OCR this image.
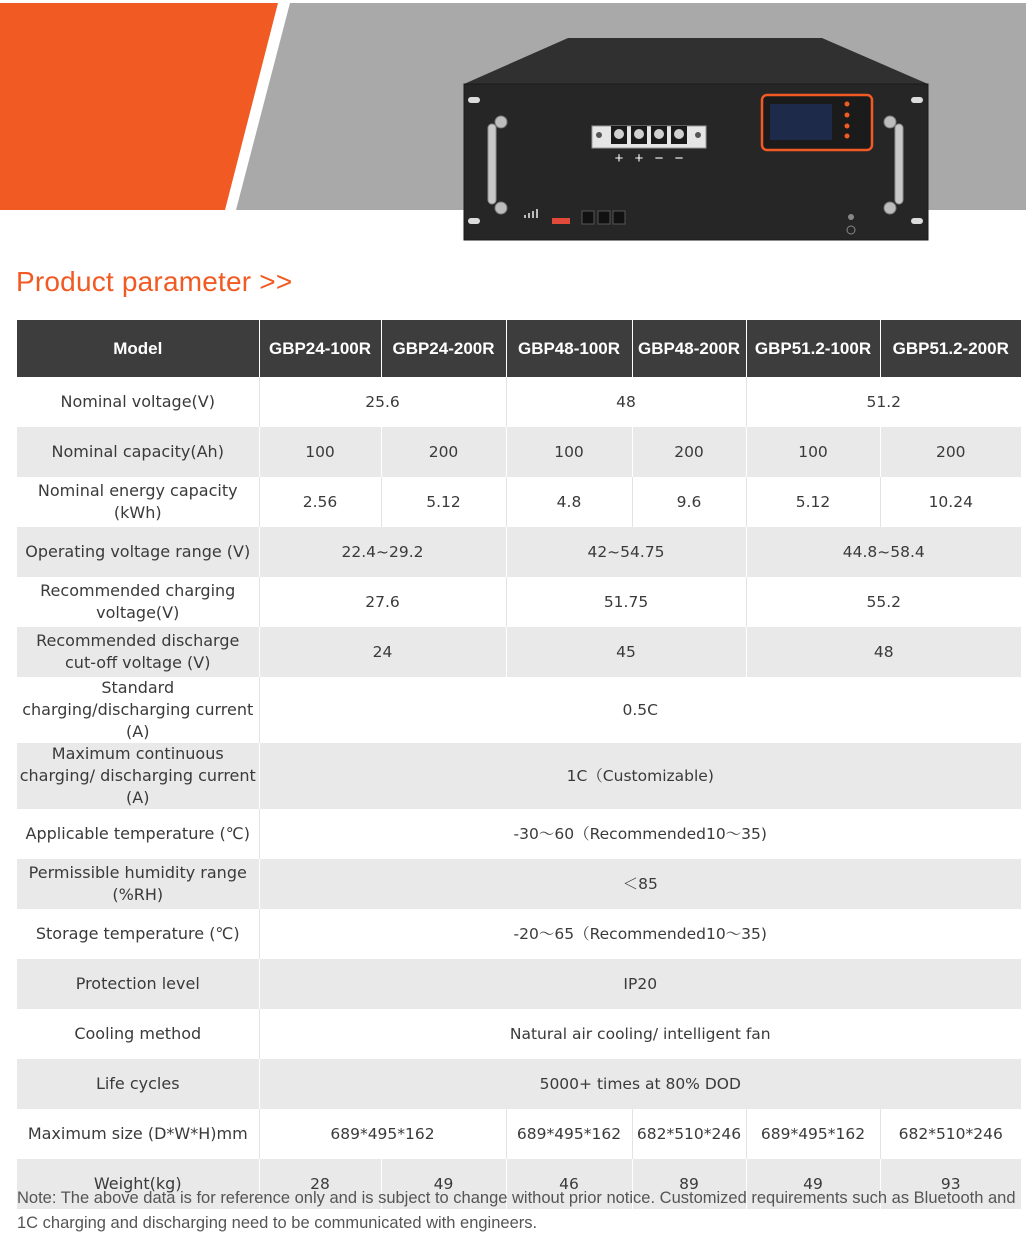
+ + − −
Product parameter >>
Model	GBP24-100R	GBP24-200R	GBP48-100R	GBP48-200R	GBP51.2-100R	GBP51.2-200R
Nominal voltage(V)	25.6		48		51.2	
Nominal capacity(Ah)	100	200	100	200	100	200
Nominal energy capacity (kWh)	2.56	5.12	4.8	9.6	5.12	10.24
Operating voltage range (V)	22.4~29.2		42~54.75		44.8~58.4	
Recommended charging voltage(V)	27.6		51.75		55.2	
Recommended discharge cut-off voltage (V)	24		45		48	
Standard charging/discharging current (A)	0.5C					
Maximum continuous charging/ discharging current (A)	1C（Customizable)					
Applicable temperature (℃)	-30～60（Recommended10～35)					
Permissible humidity range (%RH)	＜85					
Storage temperature (℃)	-20～65（Recommended10～35)					
Protection level	IP20					
Cooling method	Natural air cooling/ intelligent fan					
Life cycles	5000+ times at 80% DOD					
Maximum size (D*W*H)mm	689*495*162		689*495*162	682*510*246	689*495*162	682*510*246
Weight(kg)	28	49	46	89	49	93
Note: The above data is for reference only and is subject to change without prior notice. Customized requirements such as Bluetooth and 1C charging and discharging need to be communicated with engineers.
